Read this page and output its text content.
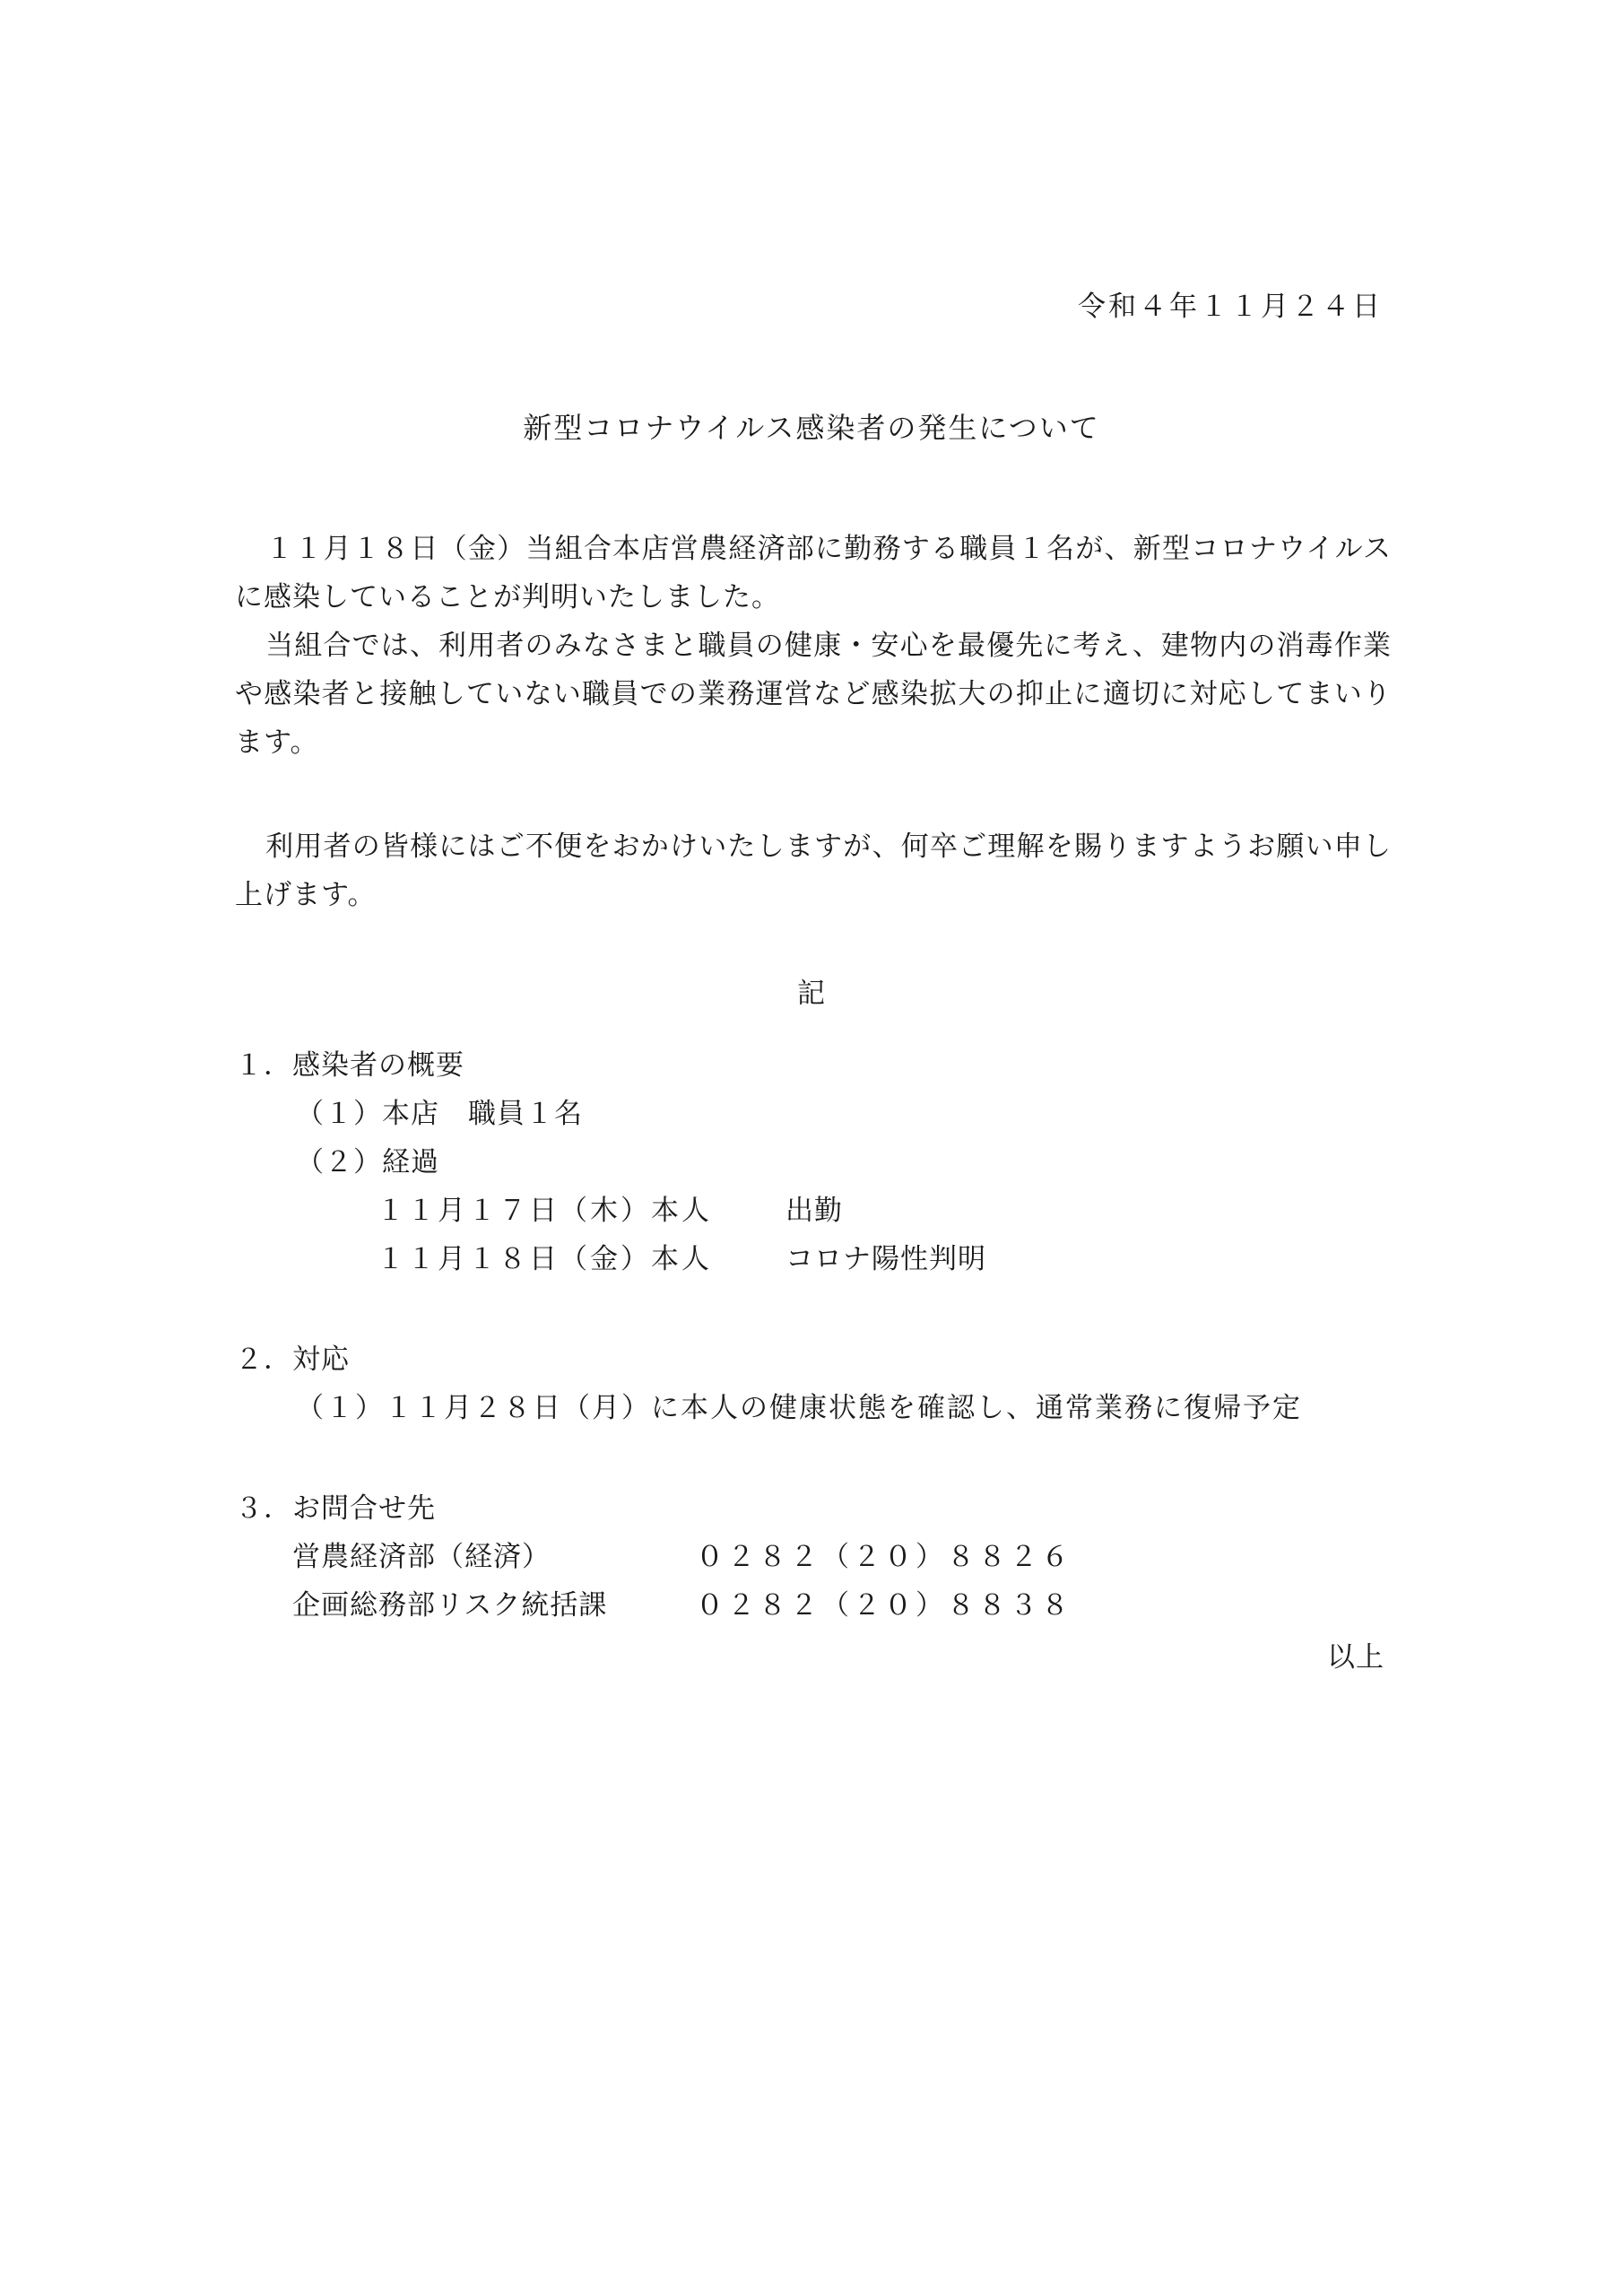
令和４年１１月２４日
新型コロナウイルス感染者の発生について

１１月１８日（金）当組合本店営農経済部に勤務する職員１名が、新型コロナウイルスに感染していることが判明いたしました。

当組合では、利用者のみなさまと職員の健康・安心を最優先に考え、建物内の消毒作業や感染者と接触していない職員での業務運営など感染拡大の抑止に適切に対応してまいります。

利用者の皆様にはご不便をおかけいたしますが、何卒ご理解を賜りますようお願い申し上げます。

記
１．感染者の概要
（１）本店　職員１名
（２）経過
１１月１７日（木）本人	出勤
１１月１８日（金）本人	コロナ陽性判明
２．対応
（１）１１月２８日（月）に本人の健康状態を確認し、通常業務に復帰予定
３．お問合せ先
営農経済部（経済）	０２８２（２０）８８２６
企画総務部リスク統括課	０２８２（２０）８８３８
以上
